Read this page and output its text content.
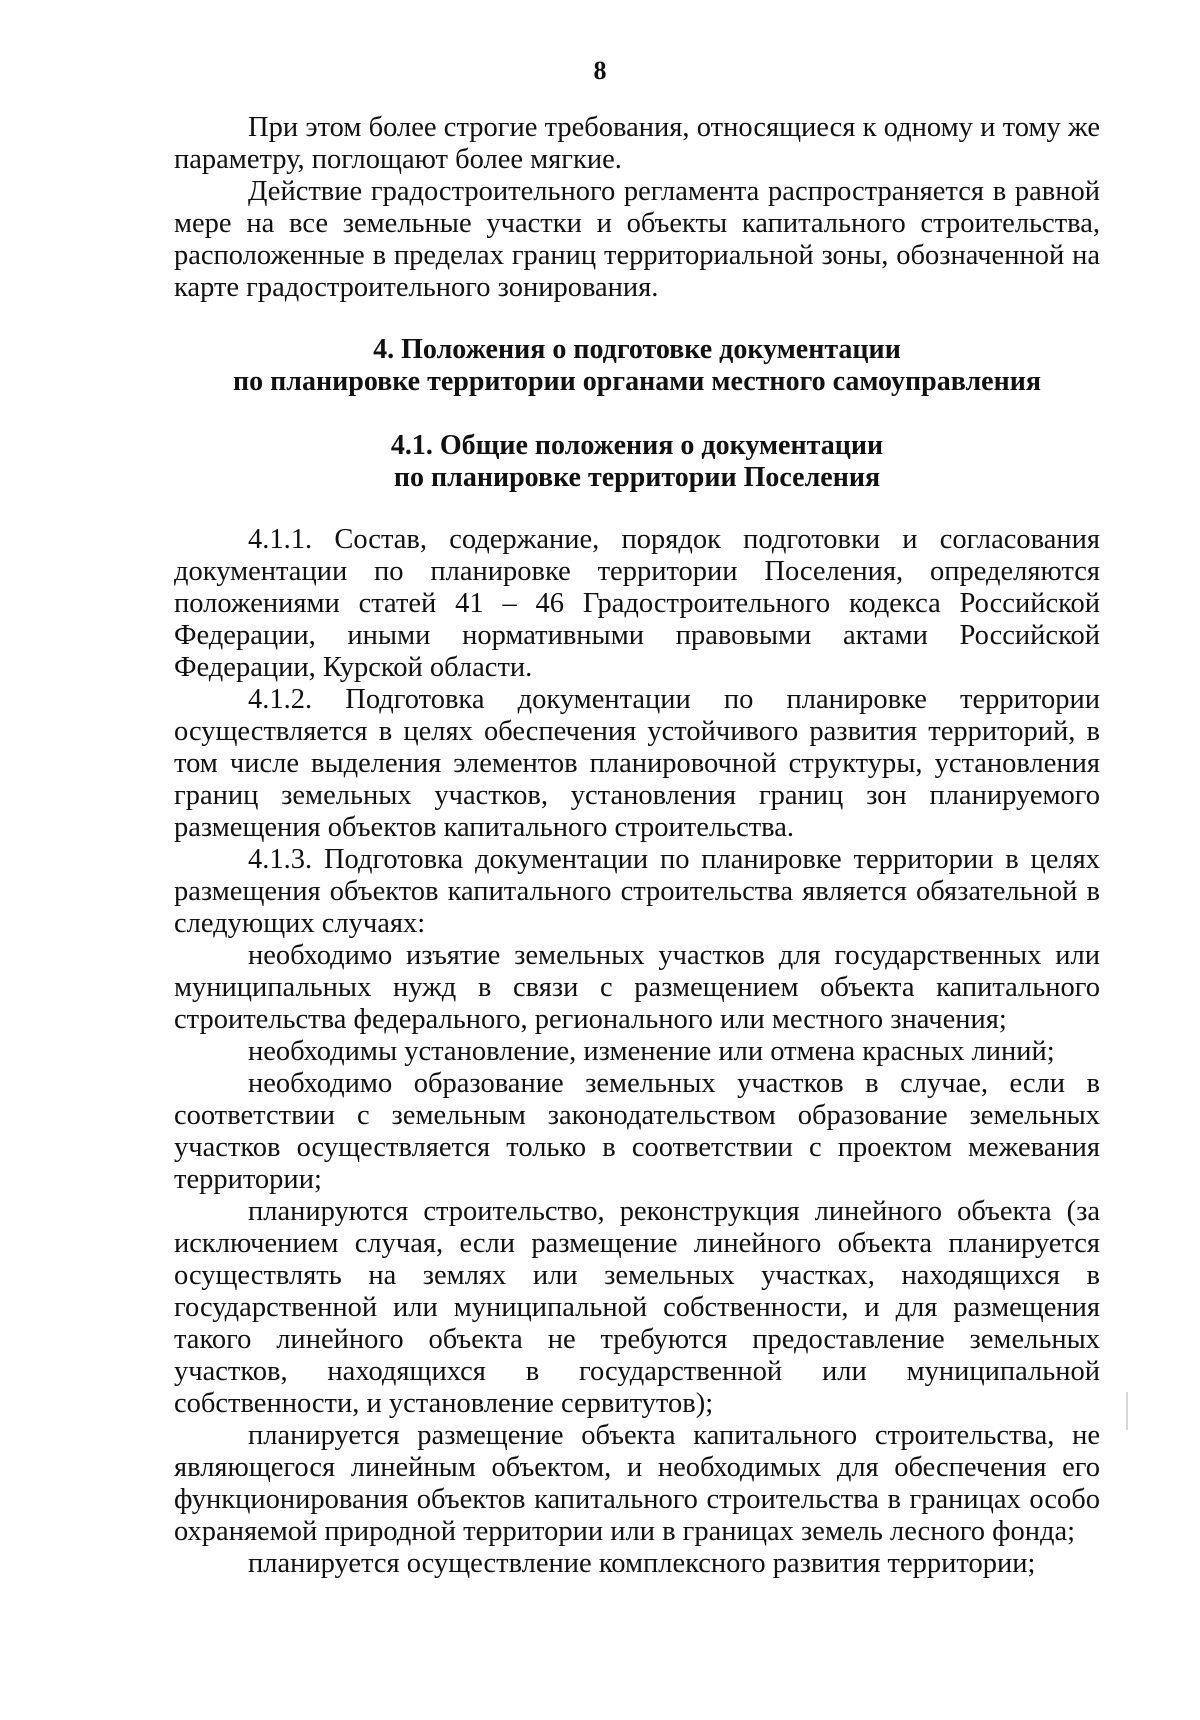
8

При этом более строгие требования, относящиеся к одному и тому же параметру, поглощают более мягкие.

Действие градостроительного регламента распространяется в равной мере на все земельные участки и объекты капитального строительства, расположенные в пределах границ территориальной зоны, обозначенной на карте градостроительного зонирования.

4. Положения о подготовке документации
по планировке территории органами местного самоуправления
4.1. Общие положения о документации
по планировке территории Поселения

4.1.1. Состав, содержание, порядок подготовки и согласования документации по планировке территории Поселения, определяются положениями статей 41 – 46 Градостроительного кодекса Российской Федерации, иными нормативными правовыми актами Российской Федерации, Курской области.

4.1.2. Подготовка документации по планировке территории осуществляется в целях обеспечения устойчивого развития территорий, в том числе выделения элементов планировочной структуры, установления границ земельных участков, установления границ зон планируемого размещения объектов капитального строительства.

4.1.3. Подготовка документации по планировке территории в целях размещения объектов капитального строительства является обязательной в следующих случаях:

необходимо изъятие земельных участков для государственных или муниципальных нужд в связи с размещением объекта капитального строительства федерального, регионального или местного значения;

необходимы установление, изменение или отмена красных линий;

необходимо образование земельных участков в случае, если в соответствии с земельным законодательством образование земельных участков осуществляется только в соответствии с проектом межевания территории;

планируются строительство, реконструкция линейного объекта (за исключением случая, если размещение линейного объекта планируется осуществлять на землях или земельных участках, находящихся в государственной или муниципальной собственности, и для размещения такого линейного объекта не требуются предоставление земельных участков, находящихся в государственной или муниципальной собственности, и установление сервитутов);

планируется размещение объекта капитального строительства, не являющегося линейным объектом, и необходимых для обеспечения его функционирования объектов капитального строительства в границах особо охраняемой природной территории или в границах земель лесного фонда;

планируется осуществление комплексного развития территории;
